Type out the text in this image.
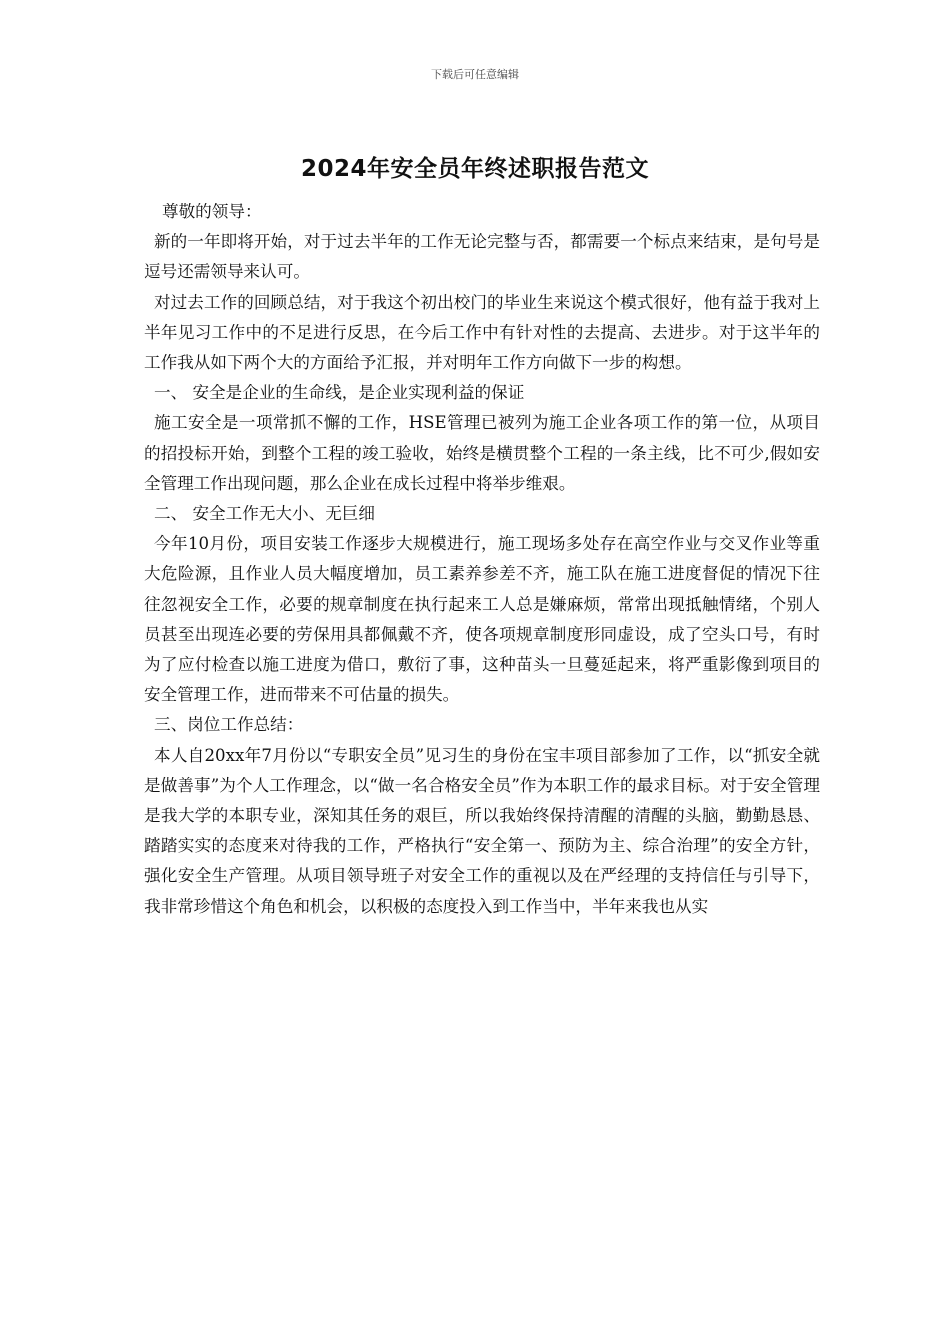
下载后可任意编辑
2024年安全员年终述职报告范文

尊敬的领导：

新的一年即将开始，对于过去半年的工作无论完整与否，都需要一个标点来结束，是句号是逗号还需领导来认可。

对过去工作的回顾总结，对于我这个初出校门的毕业生来说这个模式很好，他有益于我对上半年见习工作中的不足进行反思，在今后工作中有针对性的去提高、去进步。对于这半年的工作我从如下两个大的方面给予汇报，并对明年工作方向做下一步的构想。

一、 安全是企业的生命线，是企业实现利益的保证

施工安全是一项常抓不懈的工作，HSE管理已被列为施工企业各项工作的第一位，从项目的招投标开始，到整个工程的竣工验收，始终是横贯整个工程的一条主线，比不可少,假如安全管理工作出现问题，那么企业在成长过程中将举步维艰。

二、 安全工作无大小、无巨细

今年10月份，项目安装工作逐步大规模进行，施工现场多处存在高空作业与交叉作业等重大危险源，且作业人员大幅度增加，员工素养参差不齐，施工队在施工进度督促的情况下往往忽视安全工作，必要的规章制度在执行起来工人总是嫌麻烦，常常出现抵触情绪，个别人员甚至出现连必要的劳保用具都佩戴不齐，使各项规章制度形同虚设，成了空头口号，有时为了应付检查以施工进度为借口，敷衍了事，这种苗头一旦蔓延起来，将严重影像到项目的安全管理工作，进而带来不可估量的损失。

三、岗位工作总结：

本人自20xx年7月份以“专职安全员”见习生的身份在宝丰项目部参加了工作，以“抓安全就是做善事”为个人工作理念，以“做一名合格安全员”作为本职工作的最求目标。对于安全管理是我大学的本职专业，深知其任务的艰巨，所以我始终保持清醒的清醒的头脑，勤勤恳恳、踏踏实实的态度来对待我的工作，严格执行“安全第一、预防为主、综合治理”的安全方针，强化安全生产管理。从项目领导班子对安全工作的重视以及在严经理的支持信任与引导下，我非常珍惜这个角色和机会，以积极的态度投入到工作当中，半年来我也从实
